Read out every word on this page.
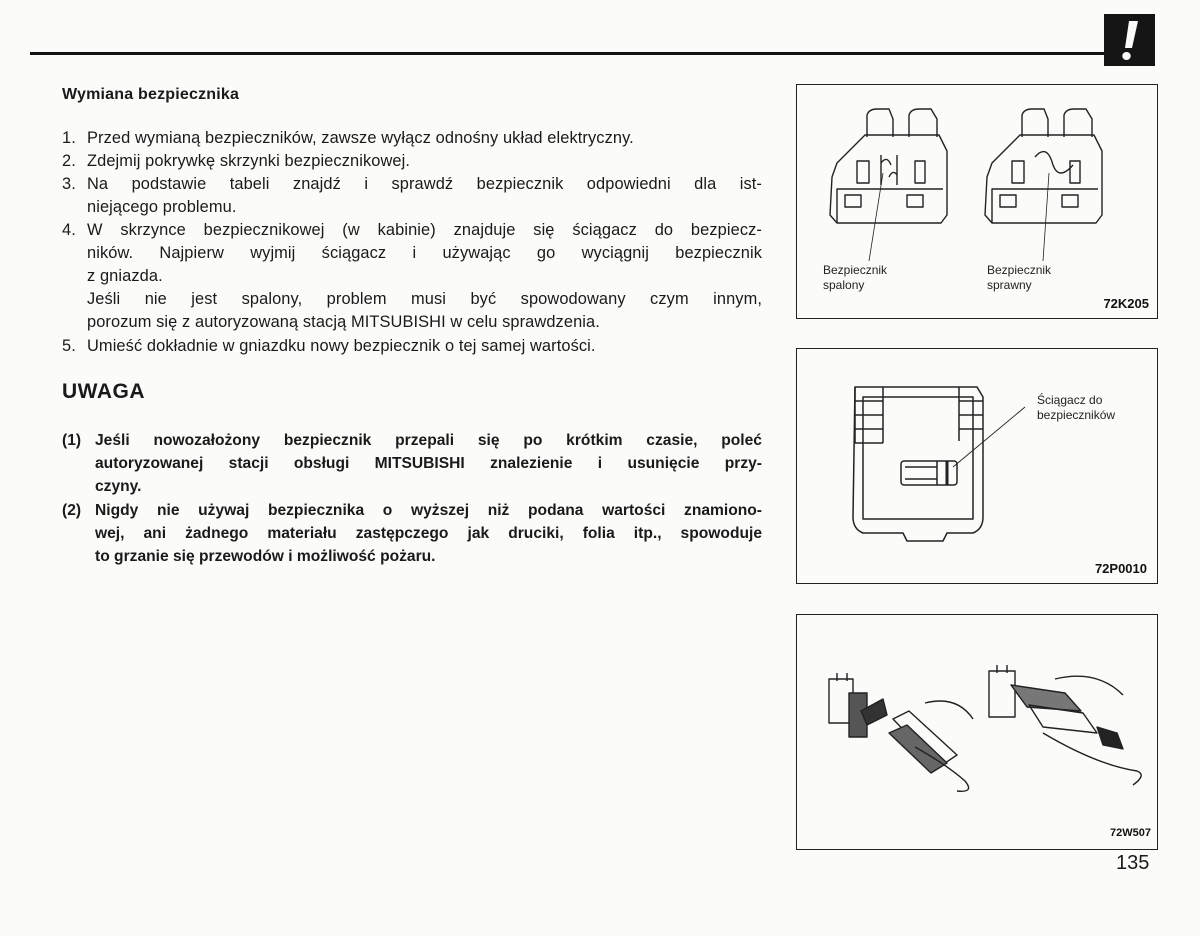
Wymiana bezpiecznika
1. Przed wymianą bezpieczników, zawsze wyłącz odnośny układ elektryczny.
2. Zdejmij pokrywkę skrzynki bezpiecznikowej.
3. Na podstawie tabeli znajdź i sprawdź bezpiecznik odpowiedni dla ist-
niejącego problemu.
4. W skrzynce bezpiecznikowej (w kabinie) znajduje się ściągacz do bezpiecz-
ników. Najpierw wyjmij ściągacz i używając go wyciągnij bezpiecznik
z gniazda.
Jeśli nie jest spalony, problem musi być spowodowany czym innym,
porozum się z autoryzowaną stacją MITSUBISHI w celu sprawdzenia.
5. Umieść dokładnie w gniazdku nowy bezpiecznik o tej samej wartości.
UWAGA
(1) Jeśli nowozałożony bezpiecznik przepali się po krótkim czasie, poleć
autoryzowanej stacji obsługi MITSUBISHI znalezienie i usunięcie przy-
czyny.
(2) Nigdy nie używaj bezpiecznika o wyższej niż podana wartości znamiono-
wej, ani żadnego materiału zastępczego jak druciki, folia itp., spowoduje
to grzanie się przewodów i możliwość pożaru.
Bezpiecznik
spalony
Bezpiecznik
sprawny
72K205
Ściągacz do
bezpieczników
72P0010
72W507
135
